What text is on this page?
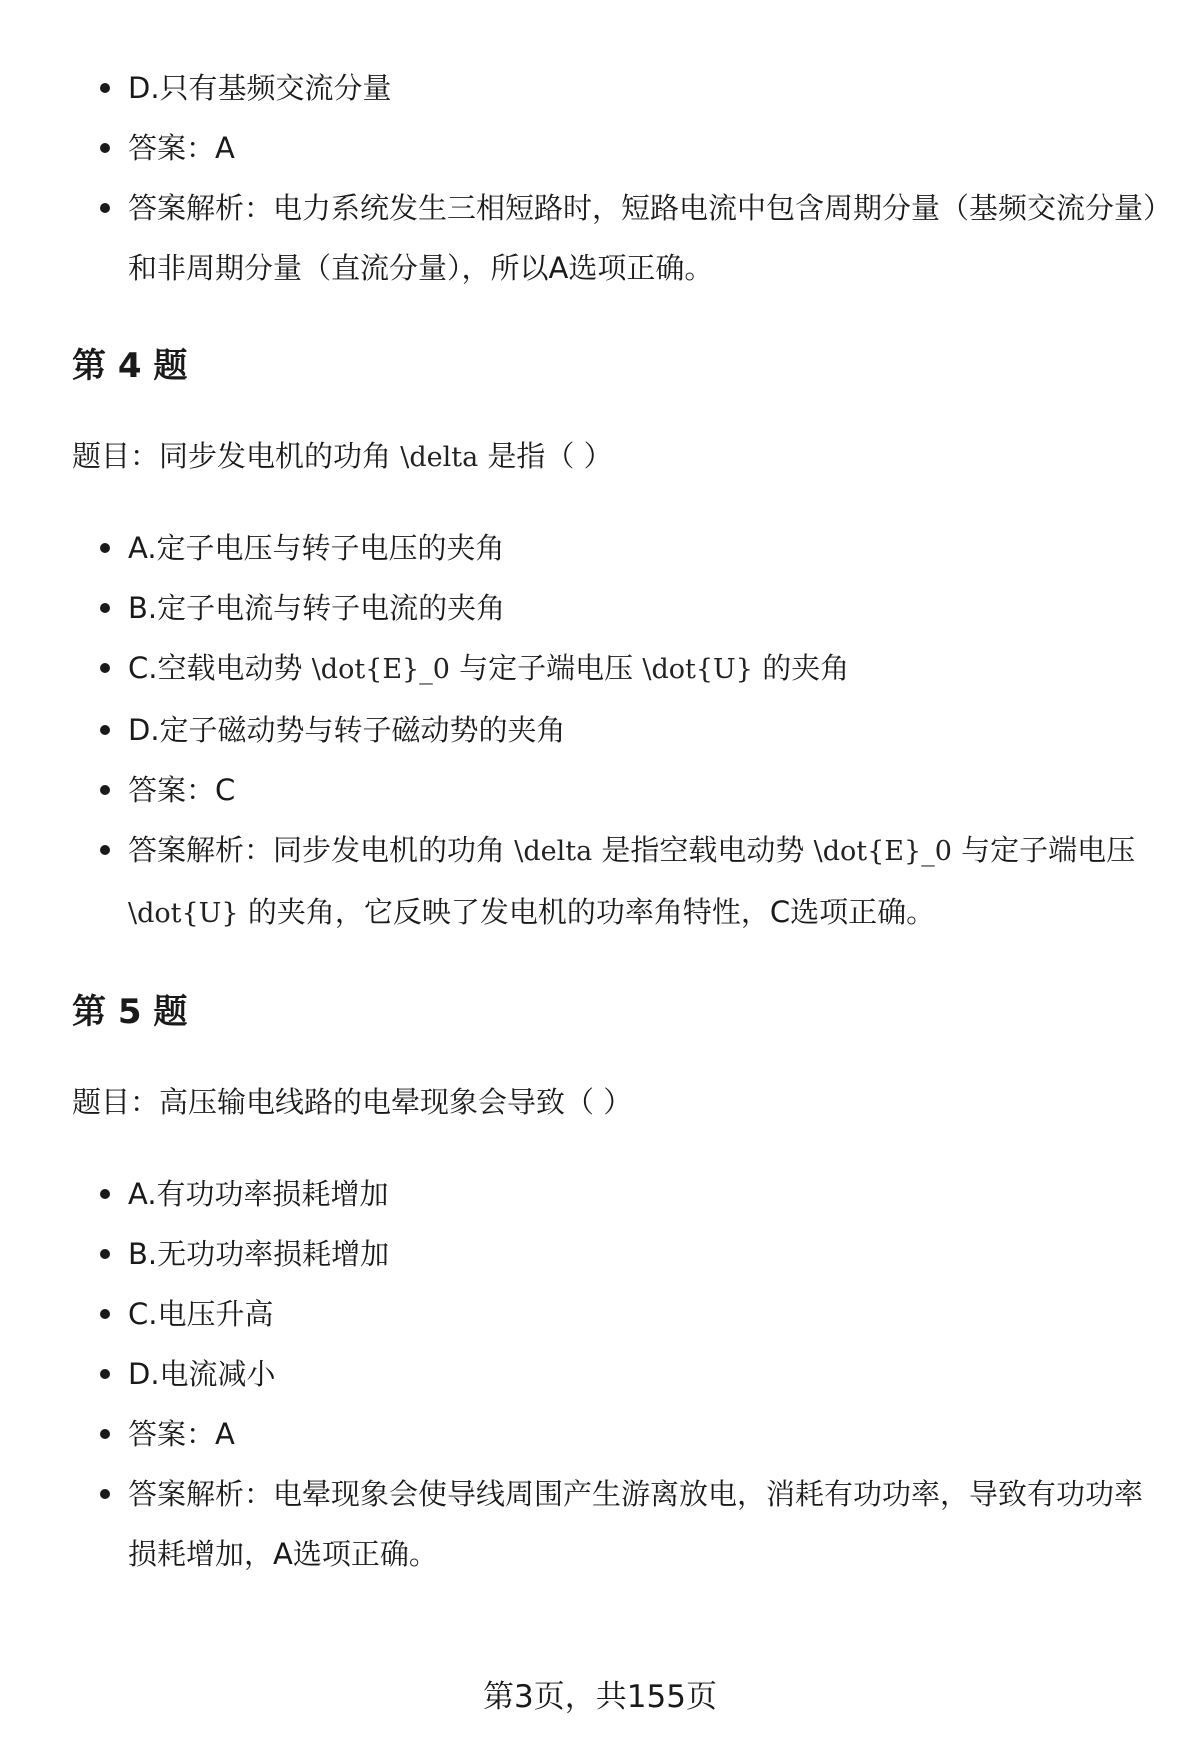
D.只有基频交流分量
答案：A
答案解析：电力系统发生三相短路时，短路电流中包含周期分量（基频交流分量）和非周期分量（直流分量），所以A选项正确。
第 4 题
题目：同步发电机的功角 \delta 是指（ ）
A.定子电压与转子电压的夹角
B.定子电流与转子电流的夹角
C.空载电动势 \dot{E}_0 与定子端电压 \dot{U} 的夹角
D.定子磁动势与转子磁动势的夹角
答案：C
答案解析：同步发电机的功角 \delta 是指空载电动势 \dot{E}_0 与定子端电压 \dot{U} 的夹角，它反映了发电机的功率角特性，C选项正确。
第 5 题
题目：高压输电线路的电晕现象会导致（ ）
A.有功功率损耗增加
B.无功功率损耗增加
C.电压升高
D.电流减小
答案：A
答案解析：电晕现象会使导线周围产生游离放电，消耗有功功率，导致有功功率损耗增加，A选项正确。
第3页，共155页
